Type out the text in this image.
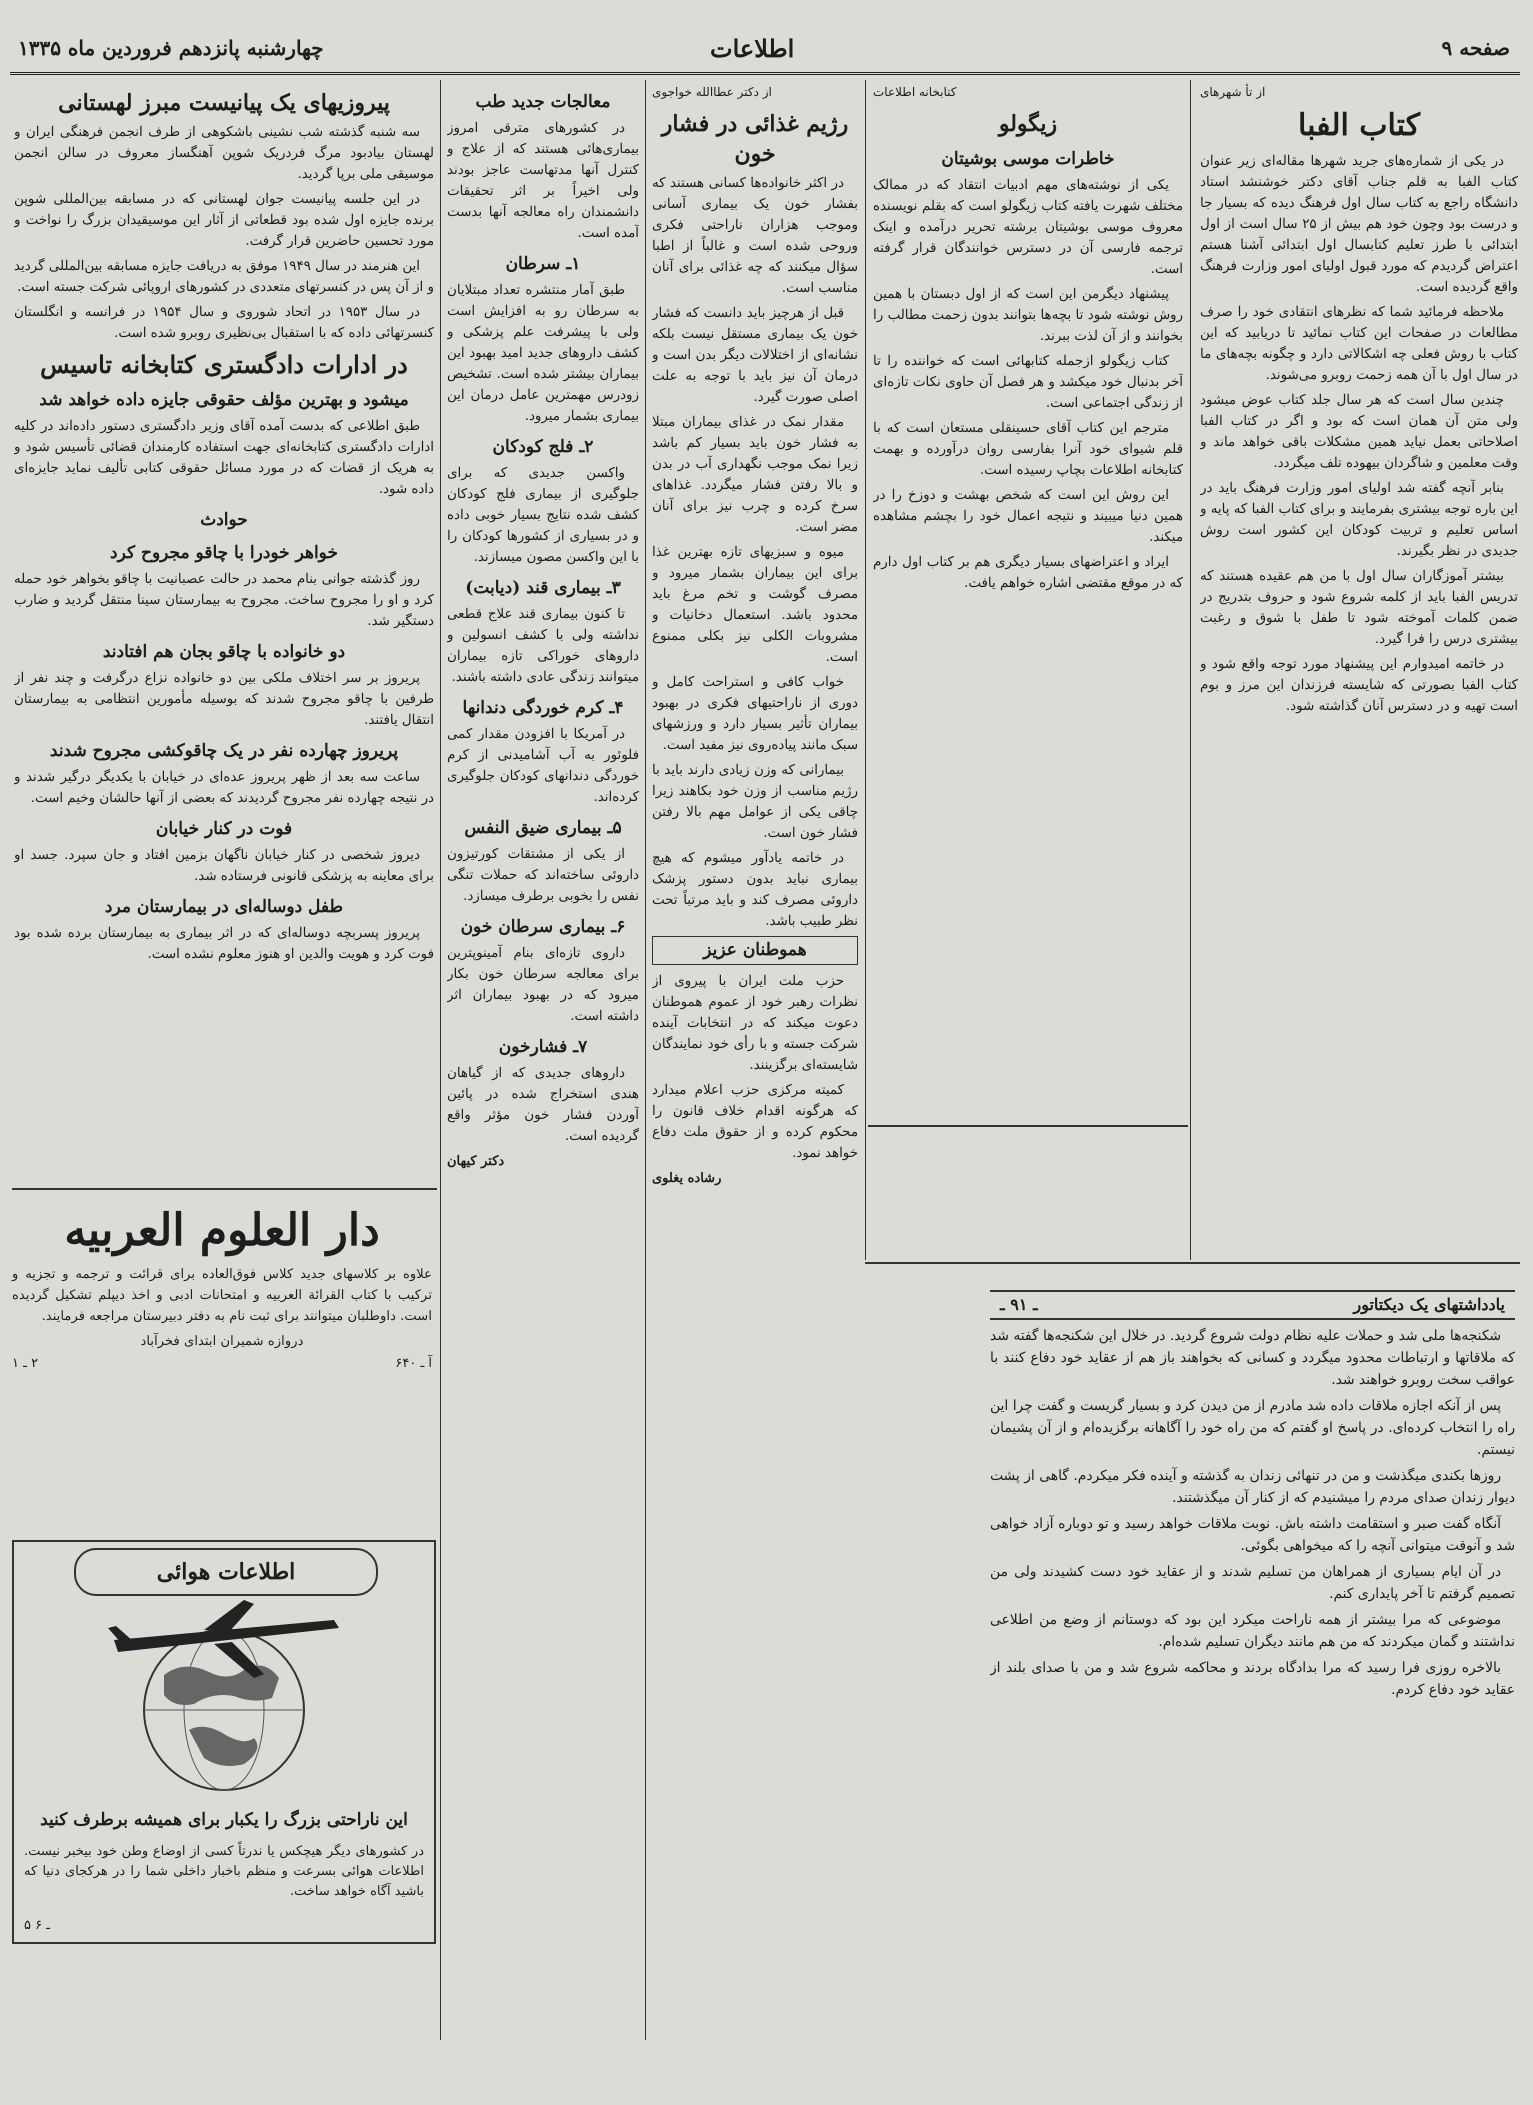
چهارشنبه پانزدهم فروردین ماه ۱۳۳۵	اطلاعات	صفحه ۹
از تأ شهرهای
کتاب الفبا

در یکی از شماره‌های جرید شهرها مقاله‌ای زیر عنوان کتاب الفبا به قلم جناب آقای دکتر خوشنشد استاد دانشگاه راجع به کتاب سال اول فرهنگ دیده که بسیار جا و درست بود وچون خود هم بیش از ۲۵ سال است از اول ابتدائی با طرز تعلیم کتابسال اول ابتدائی آشنا هستم اعتراض گردیدم که مورد قبول اولیای امور وزارت فرهنگ واقع گردیده است.

ملاحظه فرمائید شما که نظرهای انتقادی خود را صرف مطالعات در صفحات این کتاب نمائید تا دریابید که این کتاب با روش فعلی چه اشکالاتی دارد و چگونه بچه‌های ما در سال اول با آن همه زحمت روبرو می‌شوند.

چندین سال است که هر سال جلد کتاب عوض میشود ولی متن آن همان است که بود و اگر در کتاب الفبا اصلاحاتی بعمل نیاید همین مشکلات باقی خواهد ماند و وقت معلمین و شاگردان بیهوده تلف میگردد.

بنابر آنچه گفته شد اولیای امور وزارت فرهنگ باید در این باره توجه بیشتری بفرمایند و برای کتاب الفبا که پایه و اساس تعلیم و تربیت کودکان این کشور است روش جدیدی در نظر بگیرند.

بیشتر آموزگاران سال اول با من هم عقیده هستند که تدریس الفبا باید از کلمه شروع شود و حروف بتدریج در ضمن کلمات آموخته شود تا طفل با شوق و رغبت بیشتری درس را فرا گیرد.

در خاتمه امیدوارم این پیشنهاد مورد توجه واقع شود و کتاب الفبا بصورتی که شایسته فرزندان این مرز و بوم است تهیه و در دسترس آنان گذاشته شود.

کتابخانه اطلاعات
زیگولو
خاطرات موسی بوشیتان

یکی از نوشته‌های مهم ادبیات انتقاد که در ممالک مختلف شهرت یافته کتاب زیگولو است که بقلم نویسنده معروف موسی بوشیتان برشته تحریر درآمده و اینک ترجمه فارسی آن در دسترس خوانندگان قرار گرفته است.

پیشنهاد دیگرمن این است که از اول دبستان با همین روش نوشته شود تا بچه‌ها بتوانند بدون زحمت مطالب را بخوانند و از آن لذت ببرند.

کتاب زیگولو ازجمله کتابهائی است که خواننده را تا آخر بدنبال خود میکشد و هر فصل آن حاوی نکات تازه‌ای از زندگی اجتماعی است.

مترجم این کتاب آقای حسینقلی مستعان است که با قلم شیوای خود آنرا بفارسی روان درآورده و بهمت کتابخانه اطلاعات بچاپ رسیده است.

این روش این است که شخص بهشت و دوزخ را در همین دنیا میبیند و نتیجه اعمال خود را بچشم مشاهده میکند.

ایراد و اعتراضهای بسیار دیگری هم بر کتاب اول دارم که در موقع مقتضی اشاره خواهم یافت.

از دکتر عطاالله خواجوی
رژیم غذائی در فشار خون

در اکثر خانواده‌ها کسانی هستند که بفشار خون یک بیماری آسانی وموجب هزاران ناراحتی فکری وروحی شده است و غالباً از اطبا سؤال میکنند که چه غذائی برای آنان مناسب است.

قبل از هرچیز باید دانست که فشار خون یک بیماری مستقل نیست بلکه نشانه‌ای از اختلالات دیگر بدن است و درمان آن نیز باید با توجه به علت اصلی صورت گیرد.

مقدار نمک در غذای بیماران مبتلا به فشار خون باید بسیار کم باشد زیرا نمک موجب نگهداری آب در بدن و بالا رفتن فشار میگردد. غذاهای سرخ کرده و چرب نیز برای آنان مضر است.

میوه و سبزیهای تازه بهترین غذا برای این بیماران بشمار میرود و مصرف گوشت و تخم مرغ باید محدود باشد. استعمال دخانیات و مشروبات الکلی نیز بکلی ممنوع است.

خواب کافی و استراحت کامل و دوری از ناراحتیهای فکری در بهبود بیماران تأثیر بسیار دارد و ورزشهای سبک مانند پیاده‌روی نیز مفید است.

بیمارانی که وزن زیادی دارند باید با رژیم مناسب از وزن خود بکاهند زیرا چاقی یکی از عوامل مهم بالا رفتن فشار خون است.

در خاتمه یادآور میشوم که هیچ بیماری نباید بدون دستور پزشک داروئی مصرف کند و باید مرتباً تحت نظر طبیب باشد.

هموطنان عزیز

حزب ملت ایران با پیروی از نظرات رهبر خود از عموم هموطنان دعوت میکند که در انتخابات آینده شرکت جسته و با رأی خود نمایندگان شایسته‌ای برگزینند.

کمیته مرکزی حزب اعلام میدارد که هرگونه اقدام خلاف قانون را محکوم کرده و از حقوق ملت دفاع خواهد نمود.

رشاده یغلوی
معالجات جدید طب

در کشورهای مترقی امروز بیماری‌هائی هستند که از علاج و کنترل آنها مدتهاست عاجز بودند ولی اخیراً بر اثر تحقیقات دانشمندان راه معالجه آنها بدست آمده است.

۱ـ سرطان

طبق آمار منتشره تعداد مبتلایان به سرطان رو به افزایش است ولی با پیشرفت علم پزشکی و کشف داروهای جدید امید بهبود این بیماران بیشتر شده است. تشخیص زودرس مهمترین عامل درمان این بیماری بشمار میرود.

۲ـ فلج کودکان

واکسن جدیدی که برای جلوگیری از بیماری فلج کودکان کشف شده نتایج بسیار خوبی داده و در بسیاری از کشورها کودکان را با این واکسن مصون میسازند.

۳ـ بیماری قند (دیابت)

تا کنون بیماری قند علاج قطعی نداشته ولی با کشف انسولین و داروهای خوراکی تازه بیماران میتوانند زندگی عادی داشته باشند.

۴ـ کرم خوردگی دندانها

در آمریکا با افزودن مقدار کمی فلوئور به آب آشامیدنی از کرم خوردگی دندانهای کودکان جلوگیری کرده‌اند.

۵ـ بیماری ضیق النفس

از یکی از مشتقات کورتیزون داروئی ساخته‌اند که حملات تنگی نفس را بخوبی برطرف میسازد.

۶ـ بیماری سرطان خون

داروی تازه‌ای بنام آمینوپترین برای معالجه سرطان خون بکار میرود که در بهبود بیماران اثر داشته است.

۷ـ فشارخون

داروهای جدیدی که از گیاهان هندی استخراج شده در پائین آوردن فشار خون مؤثر واقع گردیده است.

دکتر کیهان
پیروزیهای یک پیانیست مبرز لهستانی

سه شنبه گذشته شب نشینی باشکوهی از طرف انجمن فرهنگی ایران و لهستان بیادبود مرگ فردریک شوپن آهنگساز معروف در سالن انجمن موسیقی ملی برپا گردید.

در این جلسه پیانیست جوان لهستانی که در مسابقه بین‌المللی شوپن برنده جایزه اول شده بود قطعاتی از آثار این موسیقیدان بزرگ را نواخت و مورد تحسین حاضرین قرار گرفت.

این هنرمند در سال ۱۹۴۹ موفق به دریافت جایزه مسابقه بین‌المللی گردید و از آن پس در کنسرتهای متعددی در کشورهای اروپائی شرکت جسته است.

در سال ۱۹۵۳ در اتحاد شوروی و سال ۱۹۵۴ در فرانسه و انگلستان کنسرتهائی داده که با استقبال بی‌نظیری روبرو شده است.

در ادارات دادگستری کتابخانه تاسیس
میشود و بهترین مؤلف حقوقی جایزه داده خواهد شد

طبق اطلاعی که بدست آمده آقای وزیر دادگستری دستور داده‌اند در کلیه ادارات دادگستری کتابخانه‌ای جهت استفاده کارمندان قضائی تأسیس شود و به هریک از قضات که در مورد مسائل حقوقی کتابی تألیف نماید جایزه‌ای داده شود.

حوادث
خواهر خودرا با چاقو مجروح کرد

روز گذشته جوانی بنام محمد در حالت عصبانیت با چاقو بخواهر خود حمله کرد و او را مجروح ساخت. مجروح به بیمارستان سینا منتقل گردید و ضارب دستگیر شد.

دو خانواده با چاقو بجان هم افتادند

پریروز بر سر اختلاف ملکی بین دو خانواده نزاع درگرفت و چند نفر از طرفین با چاقو مجروح شدند که بوسیله مأمورین انتظامی به بیمارستان انتقال یافتند.

پریروز چهارده نفر در یک چاقوکشی مجروح شدند

ساعت سه بعد از ظهر پریروز عده‌ای در خیابان با یکدیگر درگیر شدند و در نتیجه چهارده نفر مجروح گردیدند که بعضی از آنها حالشان وخیم است.

فوت در کنار خیابان

دیروز شخصی در کنار خیابان ناگهان بزمین افتاد و جان سپرد. جسد او برای معاینه به پزشکی قانونی فرستاده شد.

طفل دوساله‌ای در بیمارستان مرد

پریروز پسربچه دوساله‌ای که در اثر بیماری به بیمارستان برده شده بود فوت کرد و هویت والدین او هنوز معلوم نشده است.

دار العلوم العربیه
علاوه بر کلاسهای جدید کلاس فوق‌العاده برای قرائت و ترجمه و تجزیه و ترکیب با کتاب القرائة العربیه و امتحانات ادبی و اخذ دیپلم تشکیل گردیده است. داوطلبان میتوانند برای ثبت نام به دفتر دبیرستان مراجعه فرمایند.
دروازه شمیران ابتدای فخرآباد
آ ـ ۶۴۰
۲ ـ ۱
اطلاعات هوائی
این ناراحتی بزرگ را یکبار برای همیشه برطرف کنید
در کشورهای دیگر هیچکس یا ندرتاً کسی از اوضاع وطن خود بیخبر نیست. اطلاعات هوائی بسرعت و منظم باخبار داخلی شما را در هرکجای دنیا که باشید آگاه خواهد ساخت.
۵ ـ ۶
یادداشتهای یک دیکتاتور
ـ ۹۱ ـ

شکنجه‌ها ملی شد و حملات علیه نظام دولت شروع گردید. در خلال این شکنجه‌ها گفته شد که ملاقاتها و ارتباطات محدود میگردد و کسانی که بخواهند باز هم از عقاید خود دفاع کنند با عواقب سخت روبرو خواهند شد.

پس از آنکه اجازه ملاقات داده شد مادرم از من دیدن کرد و بسیار گریست و گفت چرا این راه را انتخاب کرده‌ای. در پاسخ او گفتم که من راه خود را آگاهانه برگزیده‌ام و از آن پشیمان نیستم.

روزها بکندی میگذشت و من در تنهائی زندان به گذشته و آینده فکر میکردم. گاهی از پشت دیوار زندان صدای مردم را میشنیدم که از کنار آن میگذشتند.

آنگاه گفت صبر و استقامت داشته باش. نوبت ملاقات خواهد رسید و تو دوباره آزاد خواهی شد و آنوقت میتوانی آنچه را که میخواهی بگوئی.

در آن ایام بسیاری از همراهان من تسلیم شدند و از عقاید خود دست کشیدند ولی من تصمیم گرفتم تا آخر پایداری کنم.

موضوعی که مرا بیشتر از همه ناراحت میکرد این بود که دوستانم از وضع من اطلاعی نداشتند و گمان میکردند که من هم مانند دیگران تسلیم شده‌ام.

بالاخره روزی فرا رسید که مرا بدادگاه بردند و محاکمه شروع شد و من با صدای بلند از عقاید خود دفاع کردم.
